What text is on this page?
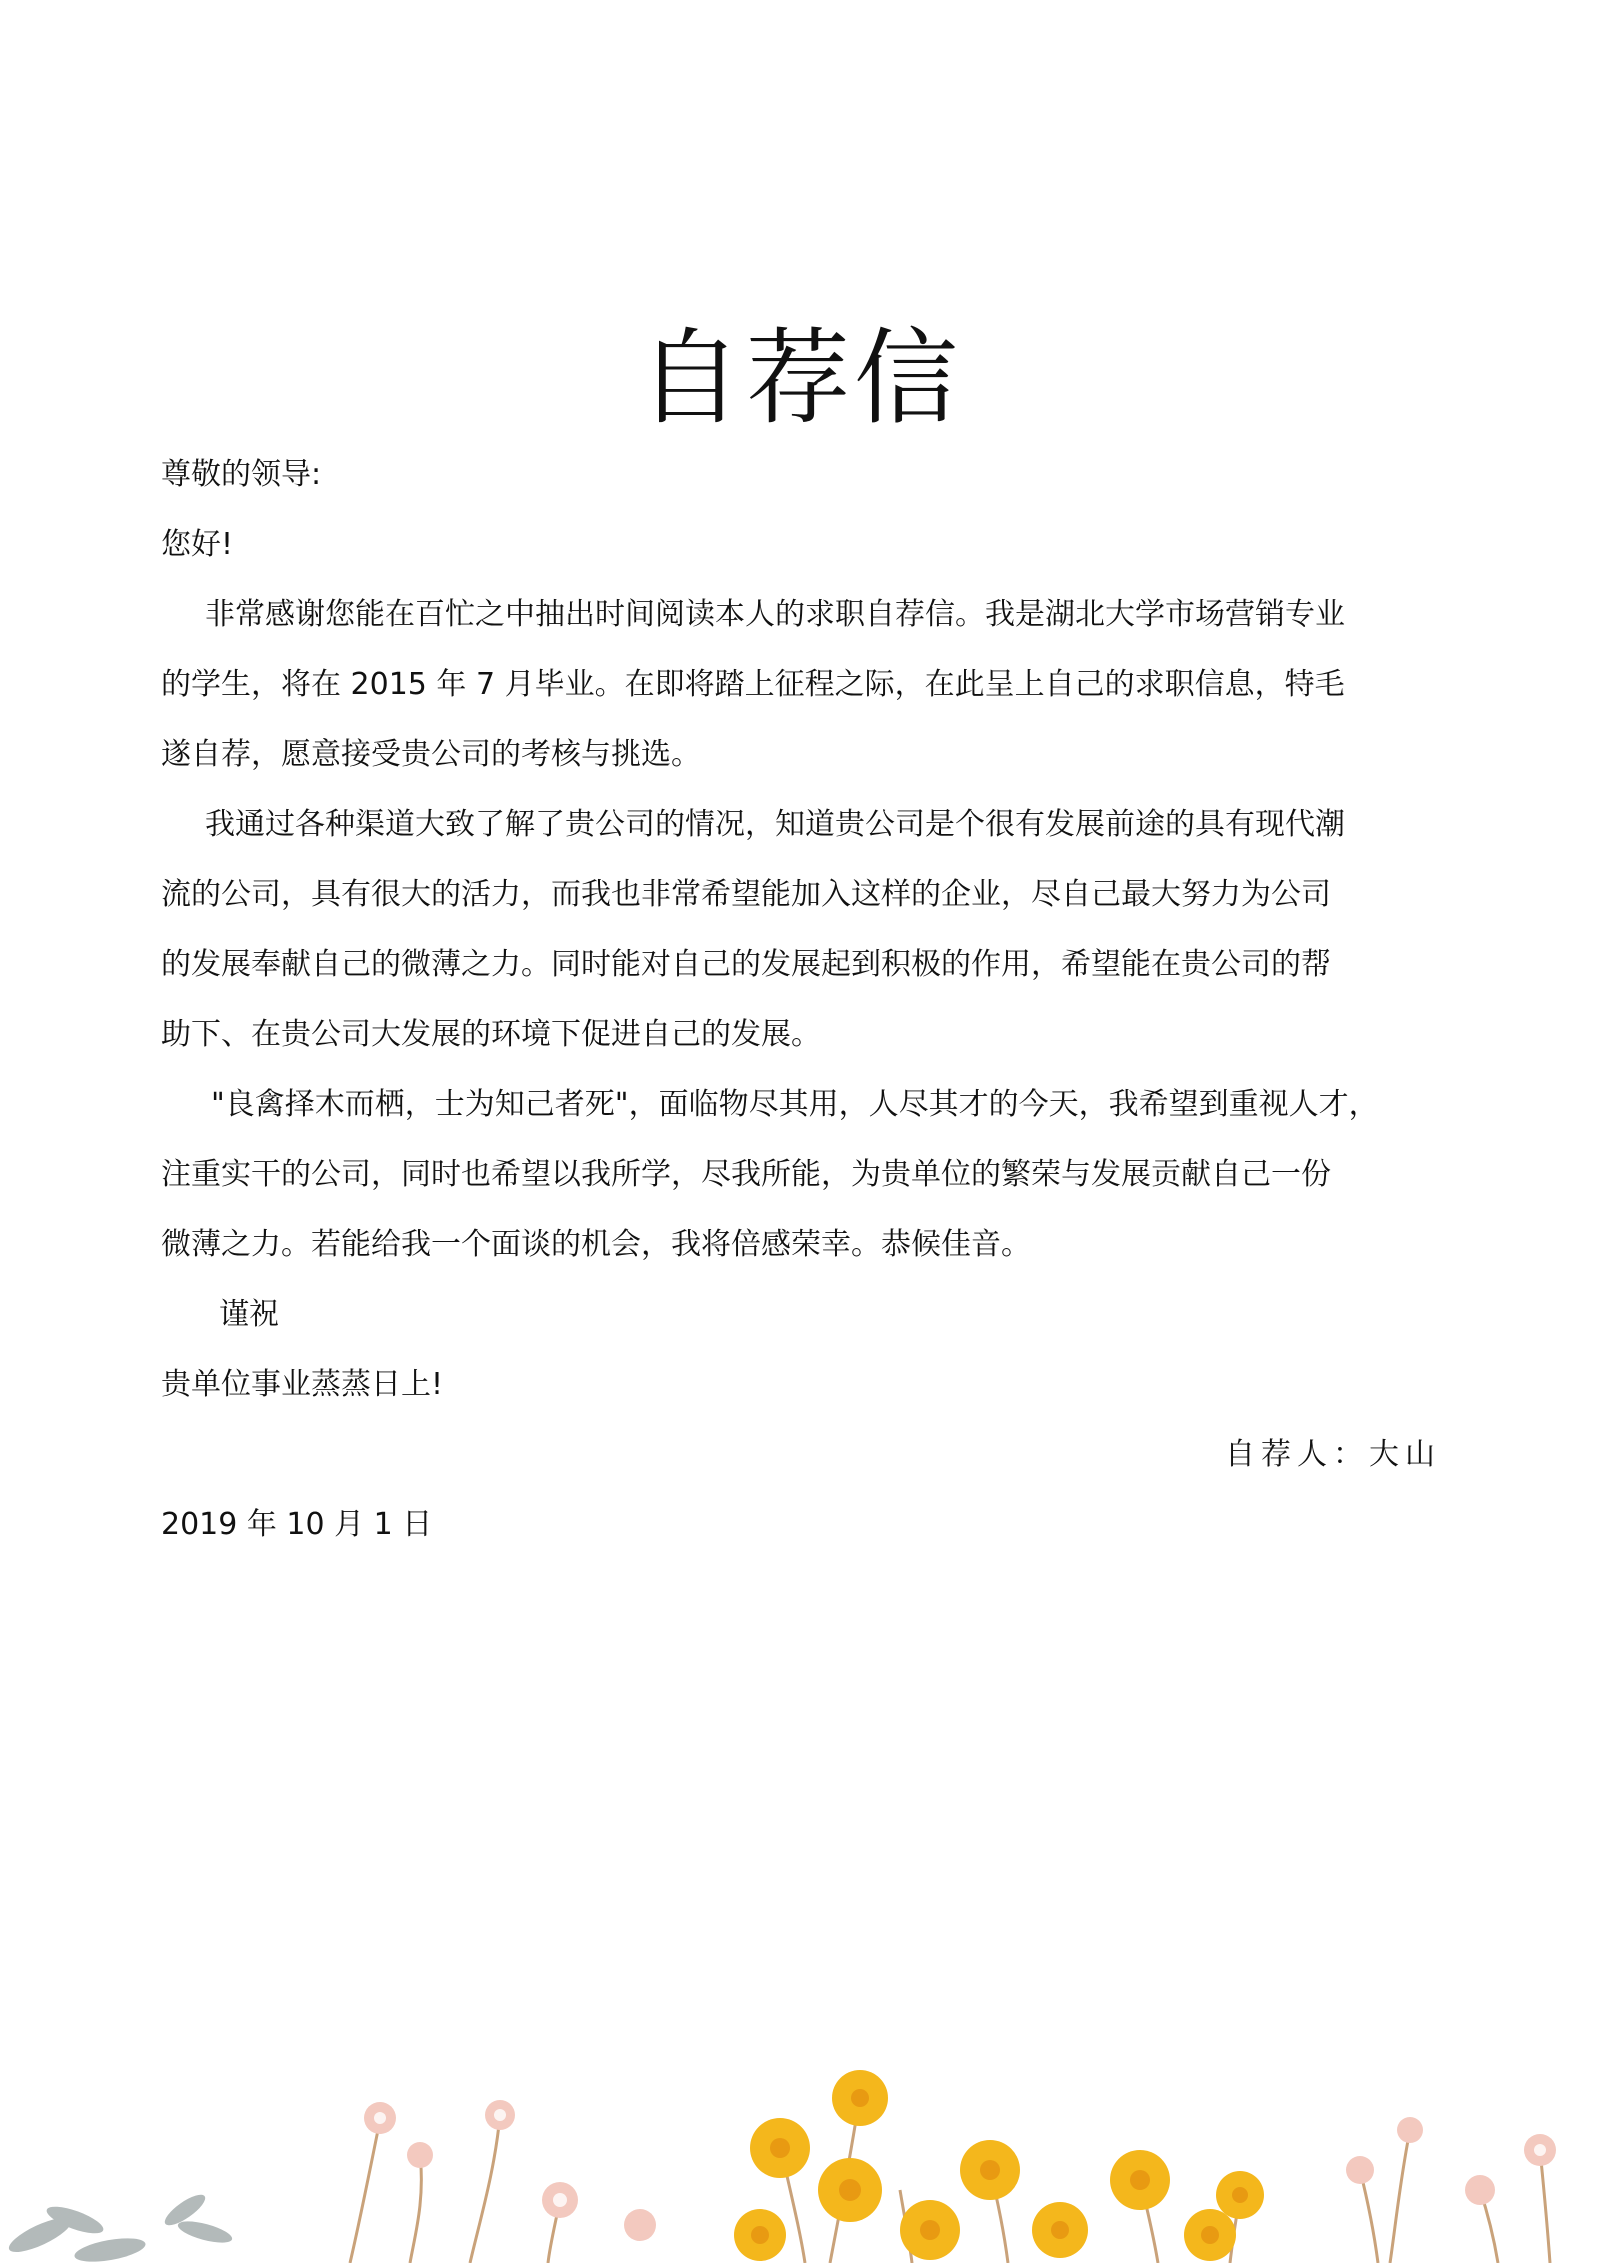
自荐信
尊敬的领导:
您好!
非常感谢您能在百忙之中抽出时间阅读本人的求职自荐信。我是湖北大学市场营销专业
的学生，将在 2015 年 7 月毕业。在即将踏上征程之际，在此呈上自己的求职信息，特毛
遂自荐，愿意接受贵公司的考核与挑选。
我通过各种渠道大致了解了贵公司的情况，知道贵公司是个很有发展前途的具有现代潮
流的公司，具有很大的活力，而我也非常希望能加入这样的企业，尽自己最大努力为公司
的发展奉献自己的微薄之力。同时能对自己的发展起到积极的作用，希望能在贵公司的帮
助下、在贵公司大发展的环境下促进自己的发展。
"良禽择木而栖，士为知己者死"，面临物尽其用，人尽其才的今天，我希望到重视人才，
注重实干的公司，同时也希望以我所学，尽我所能，为贵单位的繁荣与发展贡献自己一份
微薄之力。若能给我一个面谈的机会，我将倍感荣幸。恭候佳音。
谨祝
贵单位事业蒸蒸日上!
自荐人：大山
2019 年 10 月 1 日
